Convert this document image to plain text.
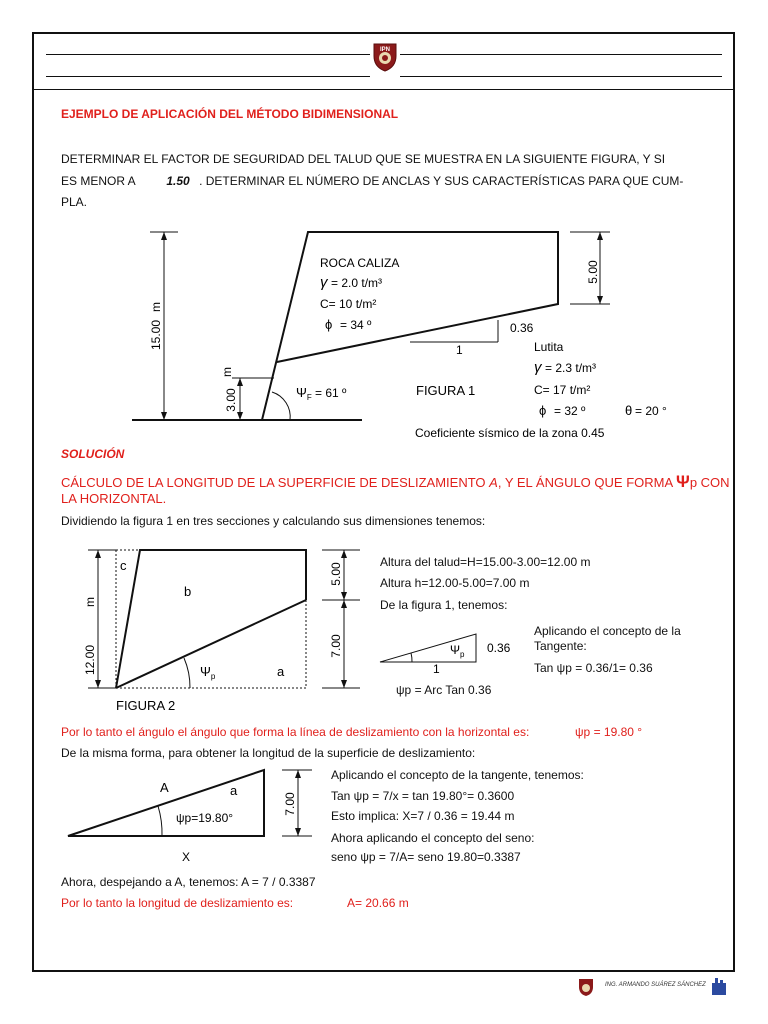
IPN
EJEMPLO DE APLICACIÓN DEL MÉTODO BIDIMENSIONAL
DETERMINAR EL FACTOR DE SEGURIDAD DEL TALUD QUE SE MUESTRA EN LA SIGUIENTE FIGURA, Y SI
ES MENOR A	1.50 . DETERMINAR EL NÚMERO DE ANCLAS Y SUS CARACTERÍSTICAS PARA QUE CUM-
PLA.
15.00m
3.00
m
5.00
ROCA CALIZA
γ = 2.0 t/m³
C= 10 t/m²
ϕ = 34 º	0.36
1	Lutita
γ = 2.3 t/m³
C= 17 t/m²
ϕ = 32 º	θ = 20 °
$\Psi_F = 61$ º	FIGURA 1
Coeficiente sísmico de la zona 0.45
SOLUCIÓN
CÁLCULO DE LA LONGITUD DE LA SUPERFICIE DE DESLIZAMIENTO A, Y EL ÁNGULO QUE FORMA Ψp CON
LA HORIZONTAL.
Dividiendo la figura 1 en tres secciones y calculando sus dimensiones tenemos:
c
b
a
$\Psi_p$
12.00
m
5.00
7.00
FIGURA 2
Altura del talud=H=15.00-3.00=12.00 m
Altura h=12.00-5.00=7.00 m
De la figura 1, tenemos:
$\Psi_p$ 0.36
1
Aplicando el concepto de la
Tangente:
Tan ψp = 0.36/1= 0.36
ψp = Arc Tan 0.36
Por lo tanto el ángulo el ángulo que forma la línea de deslizamiento con la horizontal es:	ψp = 19.80 °
De la misma forma, para obtener la longitud de la superficie de deslizamiento:
7.00
A	a
ψp=19.80°
X
Aplicando el concepto de la tangente, tenemos:
Tan ψp = 7/x = tan 19.80°= 0.3600
Esto implica: X=7 / 0.36 = 19.44 m
Ahora aplicando el concepto del seno:
seno ψp = 7/A= seno 19.80=0.3387
Ahora, despejando a A, tenemos: A = 7 / 0.3387
Por lo tanto la longitud de deslizamiento es:	A= 20.66 m
ING. ARMANDO SUÁREZ SÁNCHEZ
